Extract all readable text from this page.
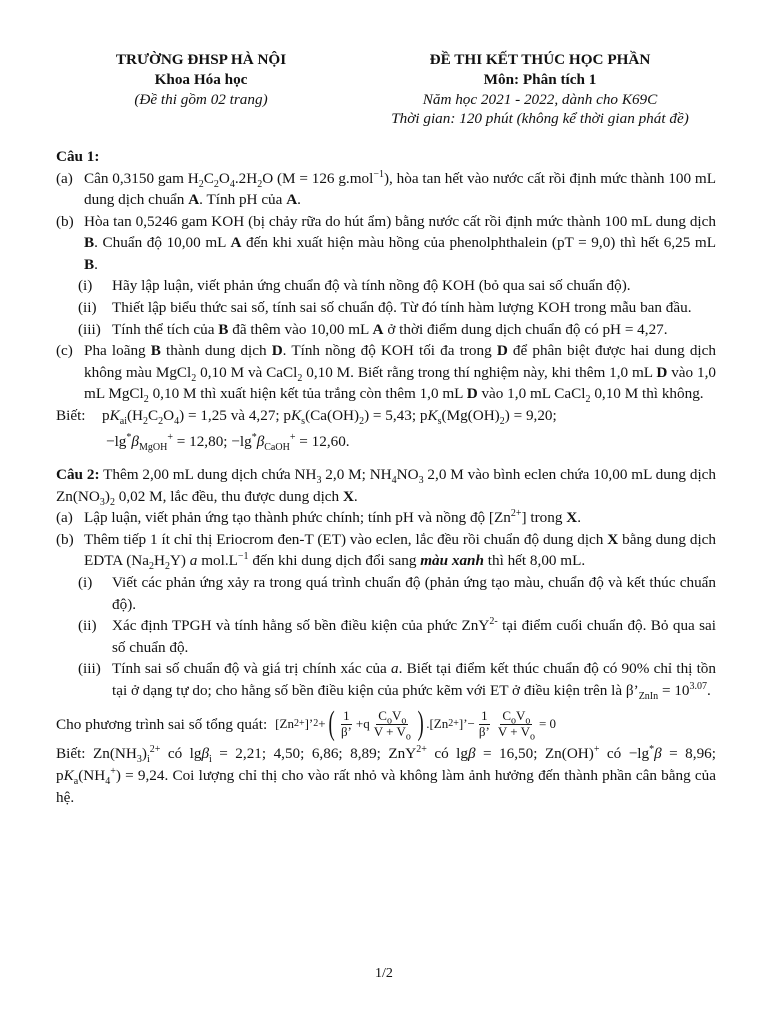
TRƯỜNG ĐHSP HÀ NỘI
Khoa Hóa học
(Đề thi gồm 02 trang)
ĐỀ THI KẾT THÚC HỌC PHẦN
Môn: Phân tích 1
Năm học 2021 - 2022, dành cho K69C
Thời gian: 120 phút (không kể thời gian phát đề)

Câu 1:

(a) Cân 0,3150 gam $H_2C_2O_4.2H_2O$ (M = 126 g.mol$^{-1}$), hòa tan hết vào nước cất rồi định mức thành 100 mL dung dịch chuẩn A. Tính pH của A.
(b) Hòa tan 0,5246 gam KOH (bị chảy rữa do hút ẩm) bằng nước cất rồi định mức thành 100 mL dung dịch B. Chuẩn độ 10,00 mL A đến khi xuất hiện màu hồng của phenolphthalein (pT = 9,0) thì hết 6,25 mL B.
(i)	Hãy lập luận, viết phản ứng chuẩn độ và tính nồng độ KOH (bỏ qua sai số chuẩn độ).
(ii)	Thiết lập biểu thức sai số, tính sai số chuẩn độ. Từ đó tính hàm lượng KOH trong mẫu ban đầu.
(iii) Tính thể tích của B đã thêm vào 10,00 mL A ở thời điểm dung dịch chuẩn độ có pH = 4,27.
(c) Pha loãng B thành dung dịch D. Tính nồng độ KOH tối đa trong D để phân biệt được hai dung dịch không màu MgCl$_2$ 0,10 M và CaCl$_2$ 0,10 M. Biết rằng trong thí nghiệm này, khi thêm 1,0 mL D vào 1,0 mL MgCl$_2$ 0,10 M thì xuất hiện kết tủa trắng còn thêm 1,0 mL D vào 1,0 mL CaCl$_2$ 0,10 M thì không.
Biết:	$pK_{ai}(H_2C_2O_4) = 1,25$ và 4,27; $pK_s(Ca(OH)_2) = 5,43$; $pK_s(Mg(OH)_2) = 9,20$;

$-\lg^*\beta_{MgOH}^+ = 12,80$; $-\lg^*\beta_{CaOH}^+ = 12,60$.

Câu 2: Thêm 2,00 mL dung dịch chứa $NH_3$ 2,0 M; $NH_4NO_3$ 2,0 M vào bình eclen chứa 10,00 mL dung dịch $Zn(NO_3)_2$ 0,02 M, lắc đều, thu được dung dịch X.

(a) Lập luận, viết phản ứng tạo thành phức chính; tính pH và nồng độ $[Zn^{2+}]$ trong X.
(b) Thêm tiếp 1 ít chỉ thị Eriocrom đen-T (ET) vào eclen, lắc đều rồi chuẩn độ dung dịch X bằng dung dịch EDTA $(Na_2H_2Y)$ a $mol.L^{-1}$ đến khi dung dịch đổi sang màu xanh thì hết 8,00 mL.
(i)	Viết các phản ứng xảy ra trong quá trình chuẩn độ (phản ứng tạo màu, chuẩn độ và kết thúc chuẩn độ).
(ii)	Xác định TPGH và tính hằng số bền điều kiện của phức ZnY$^{2-}$ tại điểm cuối chuẩn độ. Bỏ qua sai số chuẩn độ.
(iii) Tính sai số chuẩn độ và giá trị chính xác của a. Biết tại điểm kết thúc chuẩn độ có 90% chỉ thị tồn tại ở dạng tự do; cho hằng số bền điều kiện của phức kẽm với ET ở điều kiện trên là $\beta’_{ZnIn} = 10^{3.07}$.
Cho phương trình sai số tổng quát: [Zn 2+ ]’ 2 + ( $\frac{1}{\beta’} +q \frac{C_oV_o}{V + V_o}$ ) .[Zn 2+ ]’− $\frac{1}{\beta’} \frac{C_oV_o}{V + V_o} = 0$

Biết: $Zn(NH_3)_i^{2+}$ có lgβ$_i$ = 2,21; 4,50; 6,86; 8,89; ZnY$^{2+}$ có lgβ = 16,50; Zn(OH)+ có −lg*β = 8,96; $pK_a(NH_4^+) = 9,24$. Coi lượng chỉ thị cho vào rất nhỏ và không làm ảnh hưởng đến thành phần cân bằng của hệ.

1/2
